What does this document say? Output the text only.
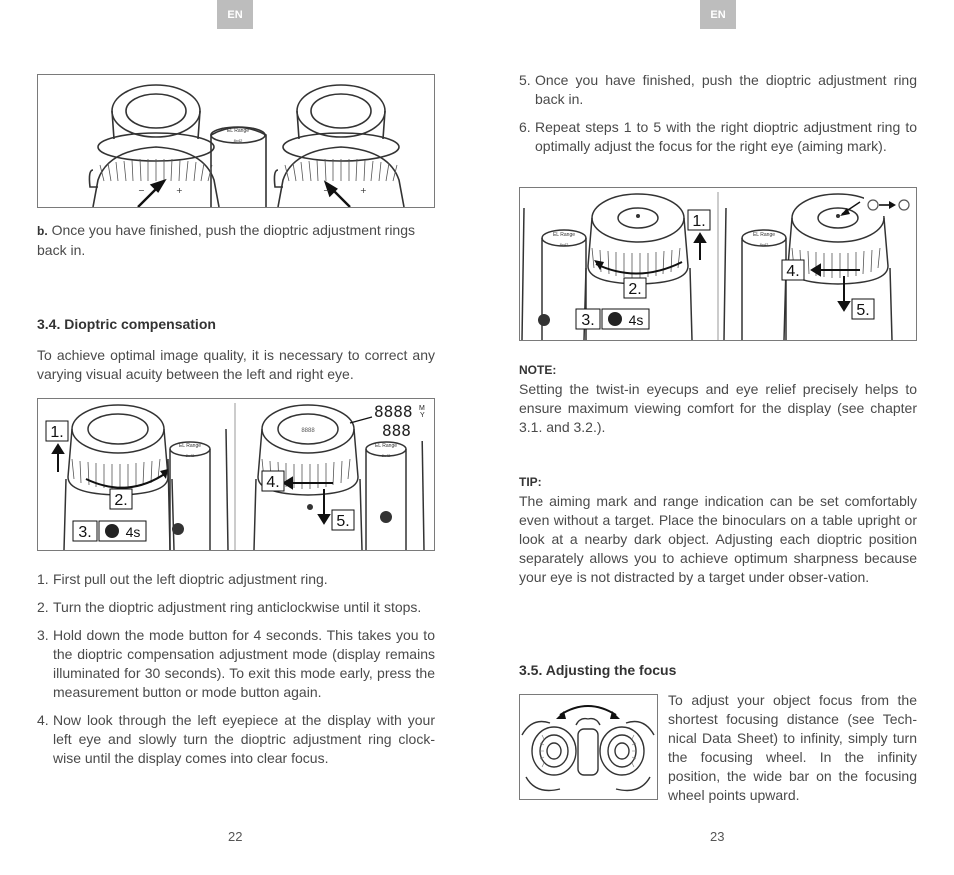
EN
EL Range
8x42
−	+	−	+
b. Once you have finished, push the dioptric adjustment rings back in.
3.4. Dioptric compensation
To achieve optimal image quality, it is necessary to correct any varying visual acuity between the left and right eye.
EL Range
8x42
1.
2.
3. 4s
EL Range
8x42
8888
8888 M
Y
888
4.
5.
1. First pull out the left dioptric adjustment ring.
2. Turn the dioptric adjustment ring anticlockwise until it stops.
3. Hold down the mode button for 4 seconds. This takes you to the dioptric compensation adjustment mode (display remains illuminated for 30 seconds). To exit this mode early, press the measurement button or mode button again.
4. Now look through the left eyepiece at the display with your left eye and slowly turn the dioptric adjustment ring clock-wise until the display comes into clear focus.
22
EN
5. Once you have finished, push the dioptric adjustment ring back in.
6. Repeat steps 1 to 5 with the right dioptric adjustment ring to optimally adjust the focus for the right eye (aiming mark).
EL Range
8x42
1.
2.
3. 4s
EL Range
8x42
4.
5.
NOTE:
Setting the twist-in eyecups and eye relief precisely helps to ensure maximum viewing comfort for the display (see chapter 3.1. and 3.2.).
TIP:
The aiming mark and range indication can be set comfortably even without a target. Place the binoculars on a table upright or look at a nearby dark object. Adjusting each dioptric position separately allows you to achieve optimum sharpness because your eye is not distracted by a target under obser-vation.
3.5. Adjusting the focus
To adjust your object focus from the shortest focusing distance (see Tech-nical Data Sheet) to infinity, simply turn the focusing wheel. In the infinity position, the wide bar on the focusing wheel points upward.
23
